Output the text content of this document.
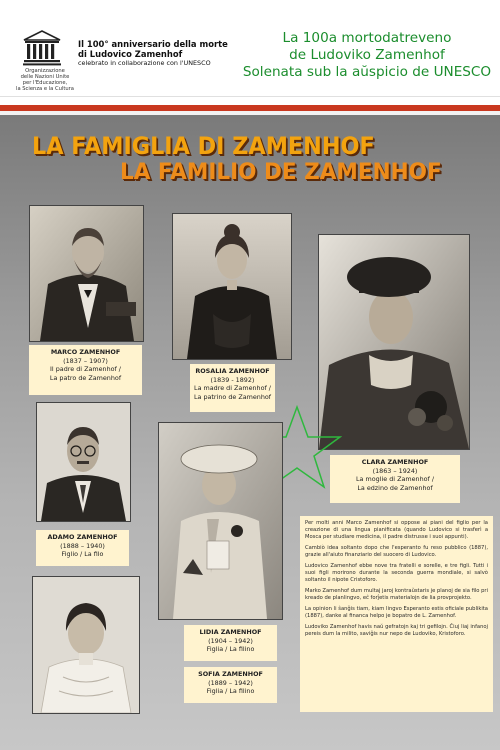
Organizzazione
delle Nazioni Unite
per l'Educazione,
la Scienza e la Cultura
Il 100° anniversario della morte
di Ludovico Zamenhof
celebrato in collaborazione con l'UNESCO
La 100a mortodatreveno
de Ludoviko Zamenhof
Solenata sub la aŭspicio de UNESCO
LA FAMIGLIA DI ZAMENHOF
LA FAMILIO DE ZAMENHOF
MARCO ZAMENHOF
(1837 – 1907)
Il padre di Zamenhof /
La patro de Zamenhof
ROSALIA ZAMENHOF
(1839 - 1892)
La madre di Zamenhof /
La patrino de Zamenhof
CLARA ZAMENHOF
(1863 – 1924)
La moglie di Zamenhof /
La edzino de Zamenhof
ADAMO ZAMENHOF
(1888 – 1940)
Figlio / La filo
LIDIA ZAMENHOF
(1904 – 1942)
Figlia / La filino
SOFIA ZAMENHOF
(1889 – 1942)
Figlia / La filino

Per molti anni Marco Zamenhof si oppose ai piani del figlio per la creazione di una lingua pianificata (quando Ludovico si trasferì a Mosca per studiare medicina, il padre distrusse i suoi appunti).

Cambiò idea soltanto dopo che l'esperanto fu reso pubblico (1887), grazie all'aiuto finanziario del suocero di Ludovico.

Ludovico Zamenhof ebbe nove tra fratelli e sorelle, e tre figli. Tutti i suoi figli morirono durante la seconda guerra mondiale, si salvò soltanto il nipote Cristoforo.

Marko Zamenhof dum multaj jaroj kontraŭstaris je planoj de sia filo pri kreado de planlingvo, eĉ forĵetis materialojn de lia provprojekto.

La opinion li ŝanĝis tiam, kiam lingvo Esperanto estis oficiale publikita (1887), danke al financa helpo je bopatro de L. Zamenhof.

Ludoviko Zamenhof havis naŭ gefratojn kaj tri gefilojn. Ĉiuj liaj infanoj pereis dum la milito, saviĝis nur nepo de Ludoviko, Kristoforo.
